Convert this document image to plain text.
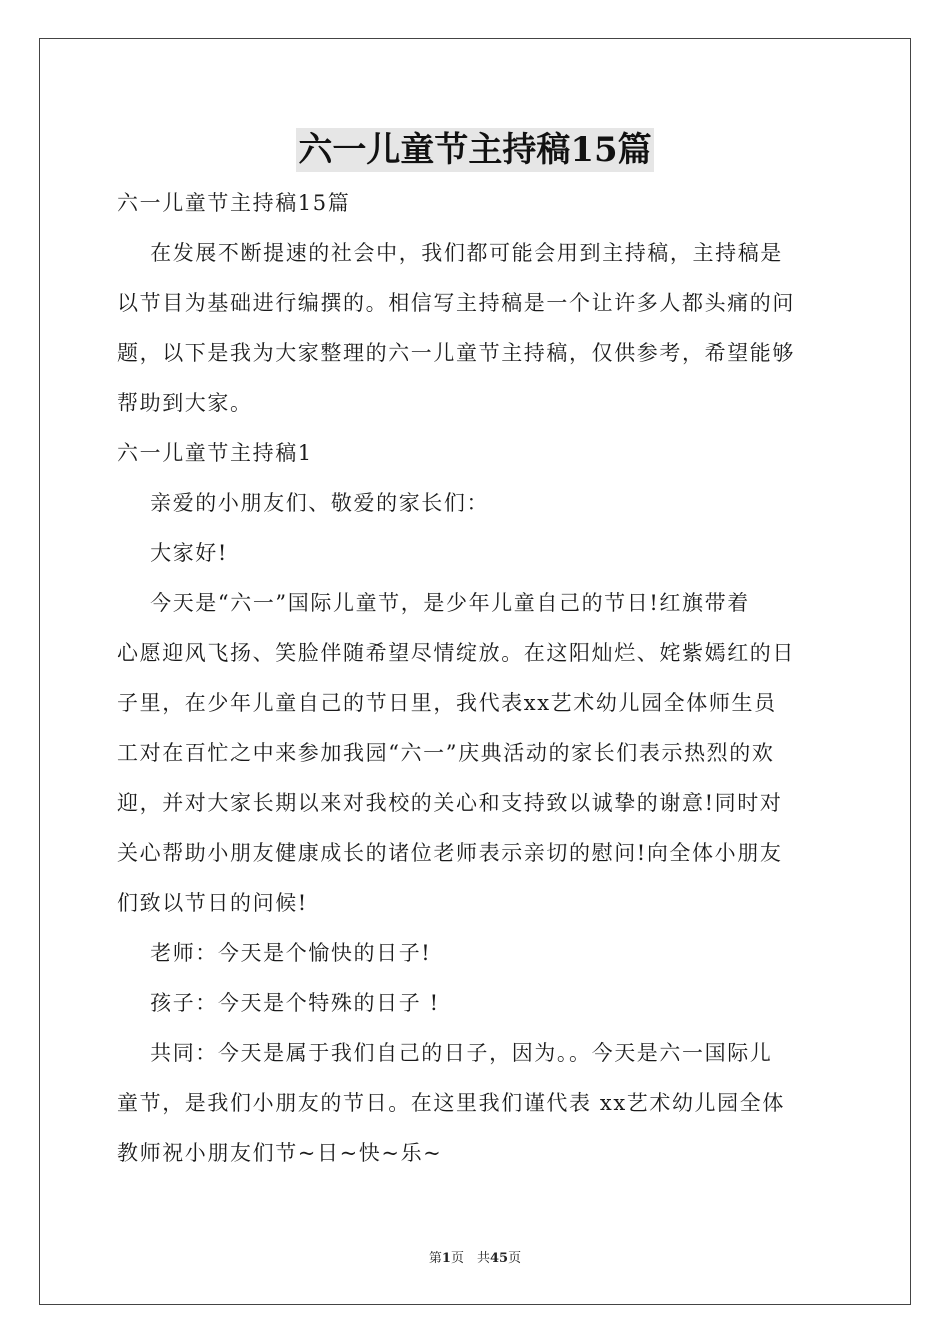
六一儿童节主持稿15篇
六一儿童节主持稿15篇
在发展不断提速的社会中，我们都可能会用到主持稿，主持稿是
以节目为基础进行编撰的。相信写主持稿是一个让许多人都头痛的问
题，以下是我为大家整理的六一儿童节主持稿，仅供参考，希望能够
帮助到大家。
六一儿童节主持稿1
亲爱的小朋友们、敬爱的家长们：
大家好!
今天是“六一”国际儿童节，是少年儿童自己的节日!红旗带着
心愿迎风飞扬、笑脸伴随希望尽情绽放。在这阳灿烂、姹紫嫣红的日
子里，在少年儿童自己的节日里，我代表xx艺术幼儿园全体师生员
工对在百忙之中来参加我园“六一”庆典活动的家长们表示热烈的欢
迎，并对大家长期以来对我校的关心和支持致以诚挚的谢意!同时对
关心帮助小朋友健康成长的诸位老师表示亲切的慰问!向全体小朋友
们致以节日的问候!
老师：今天是个愉快的日子!
孩子：今天是个特殊的日子 !
共同：今天是属于我们自己的日子，因为。。今天是六一国际儿
童节，是我们小朋友的节日。在这里我们谨代表 xx艺术幼儿园全体
教师祝小朋友们节~日~快~乐~
第1页　共45页
